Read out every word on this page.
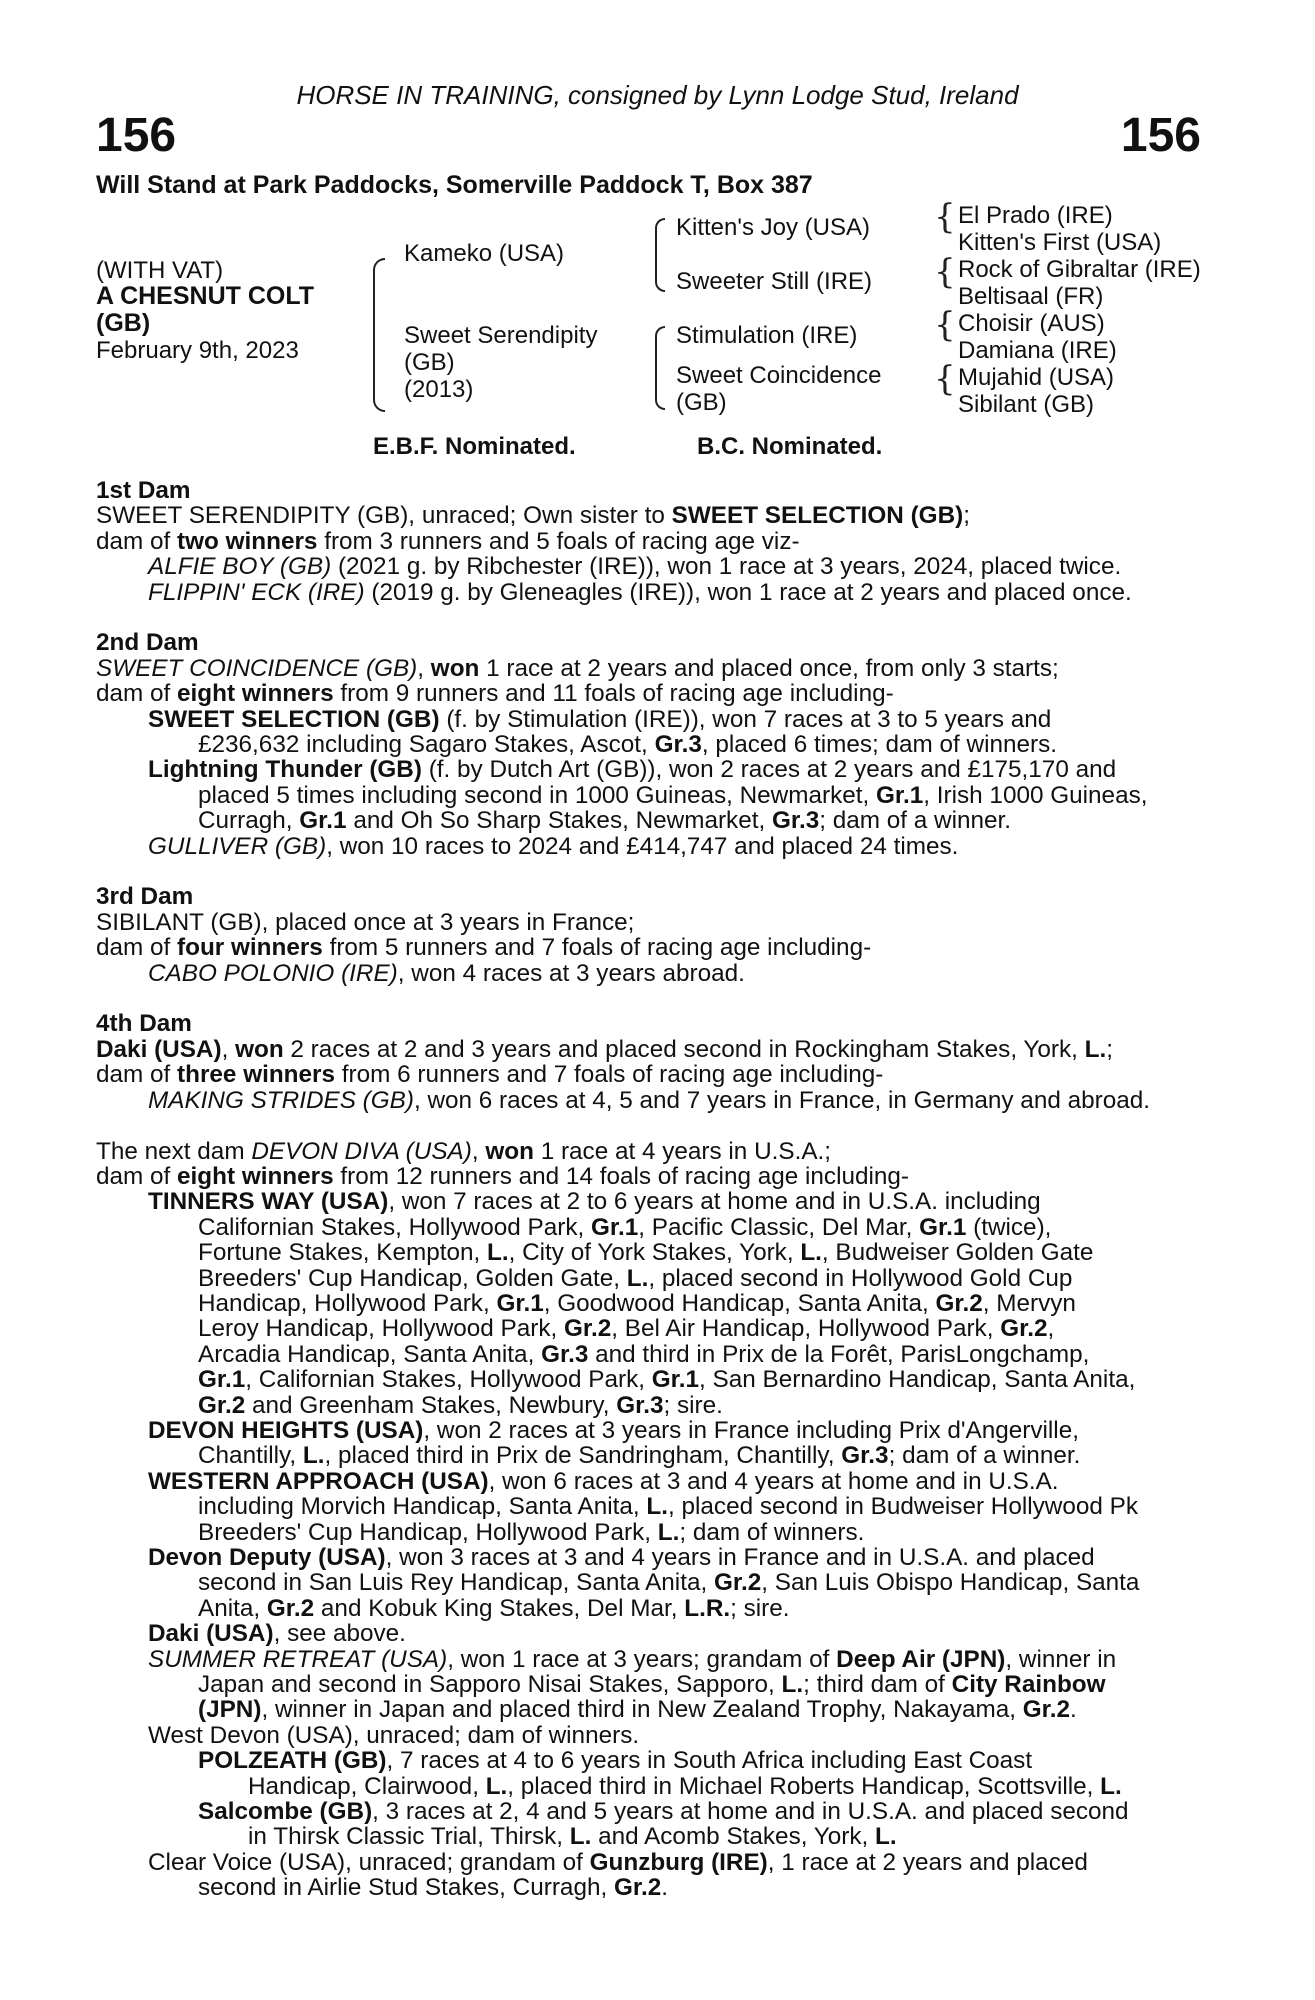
HORSE IN TRAINING, consigned by Lynn Lodge Stud, Ireland
156	156
Will Stand at Park Paddocks, Somerville Paddock T, Box 387
(WITH VAT)
A CHESNUT COLT
(GB)
February 9th, 2023
Kameko (USA)
Sweet Serendipity
(GB)
(2013)
Kitten's Joy (USA)
Sweeter Still (IRE)
Stimulation (IRE)
Sweet Coincidence
(GB)
{
{
{
{
El Prado (IRE)
Kitten's First (USA)
Rock of Gibraltar (IRE)
Beltisaal (FR)
Choisir (AUS)
Damiana (IRE)
Mujahid (USA)
Sibilant (GB)
E.B.F. Nominated.	B.C. Nominated.

1st Dam

SWEET SERENDIPITY (GB), unraced; Own sister to SWEET SELECTION (GB);

dam of two winners from 3 runners and 5 foals of racing age viz-

ALFIE BOY (GB) (2021 g. by Ribchester (IRE)), won 1 race at 3 years, 2024, placed twice.

FLIPPIN' ECK (IRE) (2019 g. by Gleneagles (IRE)), won 1 race at 2 years and placed once.

2nd Dam

SWEET COINCIDENCE (GB), won 1 race at 2 years and placed once, from only 3 starts;

dam of eight winners from 9 runners and 11 foals of racing age including-

SWEET SELECTION (GB) (f. by Stimulation (IRE)), won 7 races at 3 to 5 years and

£236,632 including Sagaro Stakes, Ascot, Gr.3, placed 6 times; dam of winners.

Lightning Thunder (GB) (f. by Dutch Art (GB)), won 2 races at 2 years and £175,170 and

placed 5 times including second in 1000 Guineas, Newmarket, Gr.1, Irish 1000 Guineas,

Curragh, Gr.1 and Oh So Sharp Stakes, Newmarket, Gr.3; dam of a winner.

GULLIVER (GB), won 10 races to 2024 and £414,747 and placed 24 times.

3rd Dam

SIBILANT (GB), placed once at 3 years in France;

dam of four winners from 5 runners and 7 foals of racing age including-

CABO POLONIO (IRE), won 4 races at 3 years abroad.

4th Dam

Daki (USA), won 2 races at 2 and 3 years and placed second in Rockingham Stakes, York, L.;

dam of three winners from 6 runners and 7 foals of racing age including-

MAKING STRIDES (GB), won 6 races at 4, 5 and 7 years in France, in Germany and abroad.

The next dam DEVON DIVA (USA), won 1 race at 4 years in U.S.A.;

dam of eight winners from 12 runners and 14 foals of racing age including-

TINNERS WAY (USA), won 7 races at 2 to 6 years at home and in U.S.A. including

Californian Stakes, Hollywood Park, Gr.1, Pacific Classic, Del Mar, Gr.1 (twice),

Fortune Stakes, Kempton, L., City of York Stakes, York, L., Budweiser Golden Gate

Breeders' Cup Handicap, Golden Gate, L., placed second in Hollywood Gold Cup

Handicap, Hollywood Park, Gr.1, Goodwood Handicap, Santa Anita, Gr.2, Mervyn

Leroy Handicap, Hollywood Park, Gr.2, Bel Air Handicap, Hollywood Park, Gr.2,

Arcadia Handicap, Santa Anita, Gr.3 and third in Prix de la Forêt, ParisLongchamp,

Gr.1, Californian Stakes, Hollywood Park, Gr.1, San Bernardino Handicap, Santa Anita,

Gr.2 and Greenham Stakes, Newbury, Gr.3; sire.

DEVON HEIGHTS (USA), won 2 races at 3 years in France including Prix d'Angerville,

Chantilly, L., placed third in Prix de Sandringham, Chantilly, Gr.3; dam of a winner.

WESTERN APPROACH (USA), won 6 races at 3 and 4 years at home and in U.S.A.

including Morvich Handicap, Santa Anita, L., placed second in Budweiser Hollywood Pk

Breeders' Cup Handicap, Hollywood Park, L.; dam of winners.

Devon Deputy (USA), won 3 races at 3 and 4 years in France and in U.S.A. and placed

second in San Luis Rey Handicap, Santa Anita, Gr.2, San Luis Obispo Handicap, Santa

Anita, Gr.2 and Kobuk King Stakes, Del Mar, L.R.; sire.

Daki (USA), see above.

SUMMER RETREAT (USA), won 1 race at 3 years; grandam of Deep Air (JPN), winner in

Japan and second in Sapporo Nisai Stakes, Sapporo, L.; third dam of City Rainbow

(JPN), winner in Japan and placed third in New Zealand Trophy, Nakayama, Gr.2.

West Devon (USA), unraced; dam of winners.

POLZEATH (GB), 7 races at 4 to 6 years in South Africa including East Coast

Handicap, Clairwood, L., placed third in Michael Roberts Handicap, Scottsville, L.

Salcombe (GB), 3 races at 2, 4 and 5 years at home and in U.S.A. and placed second

in Thirsk Classic Trial, Thirsk, L. and Acomb Stakes, York, L.

Clear Voice (USA), unraced; grandam of Gunzburg (IRE), 1 race at 2 years and placed

second in Airlie Stud Stakes, Curragh, Gr.2.
